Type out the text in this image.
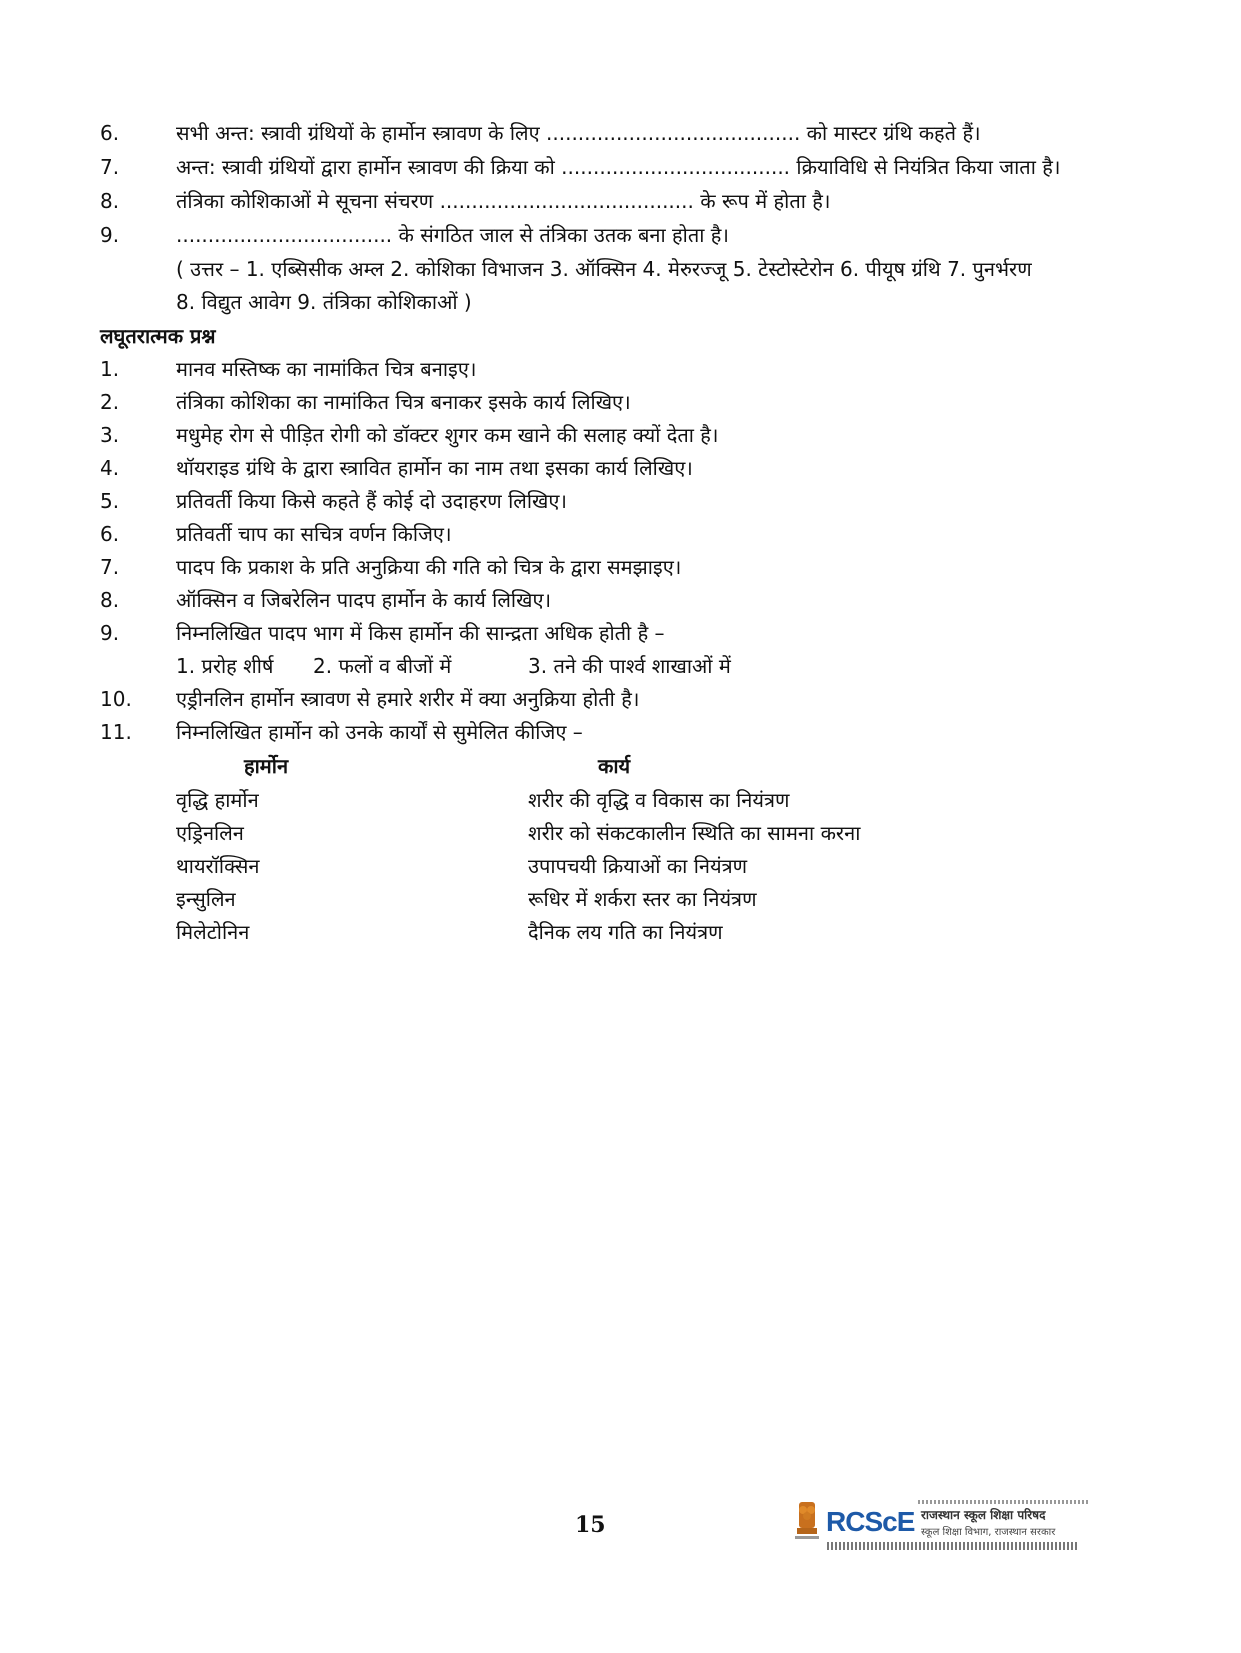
6.	सभी अन्त: स्त्रावी ग्रंथियों के हार्मोन स्त्रावण के लिए ........................................ को मास्टर ग्रंथि कहते हैं।
7.	अन्त: स्त्रावी ग्रंथियों द्वारा हार्मोन स्त्रावण की क्रिया को .................................... क्रियाविधि से नियंत्रित किया जाता है।
8.	तंत्रिका कोशिकाओं मे सूचना संचरण ........................................ के रूप में होता है।
9.	.................................. के संगठित जाल से तंत्रिका उतक बना होता है।
( उत्तर – 1. एब्सिसीक अम्ल 2. कोशिका विभाजन 3. ऑक्सिन 4. मेरुरज्जू 5. टेस्टोस्टेरोन 6. पीयूष ग्रंथि 7. पुनर्भरण
8. विद्युत आवेग 9. तंत्रिका कोशिकाओं )
लघूतरात्मक प्रश्न
1.	मानव मस्तिष्क का नामांकित चित्र बनाइए।
2.	तंत्रिका कोशिका का नामांकित चित्र बनाकर इसके कार्य लिखिए।
3.	मधुमेह रोग से पीड़ित रोगी को डॉक्टर शुगर कम खाने की सलाह क्यों देता है।
4.	थॉयराइड ग्रंथि के द्वारा स्त्रावित हार्मोन का नाम तथा इसका कार्य लिखिए।
5.	प्रतिवर्ती किया किसे कहते हैं कोई दो उदाहरण लिखिए।
6.	प्रतिवर्ती चाप का सचित्र वर्णन किजिए।
7.	पादप कि प्रकाश के प्रति अनुक्रिया की गति को चित्र के द्वारा समझाइए।
8.	ऑक्सिन व जिबरेलिन पादप हार्मोन के कार्य लिखिए।
9.	निम्नलिखित पादप भाग में किस हार्मोन की सान्द्रता अधिक होती है –
1. प्ररोह शीर्ष 2. फलों व बीजों में	3. तने की पार्श्व शाखाओं में
10. एड्रीनलिन हार्मोन स्त्रावण से हमारे शरीर में क्या अनुक्रिया होती है।
11. निम्नलिखित हार्मोन को उनके कार्यों से सुमेलित कीजिए –
हार्मोन	कार्य
वृद्धि हार्मोन	शरीर की वृद्धि व विकास का नियंत्रण
एड्रिनलिन	शरीर को संकटकालीन स्थिति का सामना करना
थायरॉक्सिन	उपापचयी क्रियाओं का नियंत्रण
इन्सुलिन	रूधिर में शर्करा स्तर का नियंत्रण
मिलेटोनिन	दैनिक लय गति का नियंत्रण
15	RCScE राजस्थान स्कूल शिक्षा परिषद
स्कूल शिक्षा विभाग, राजस्थान सरकार
